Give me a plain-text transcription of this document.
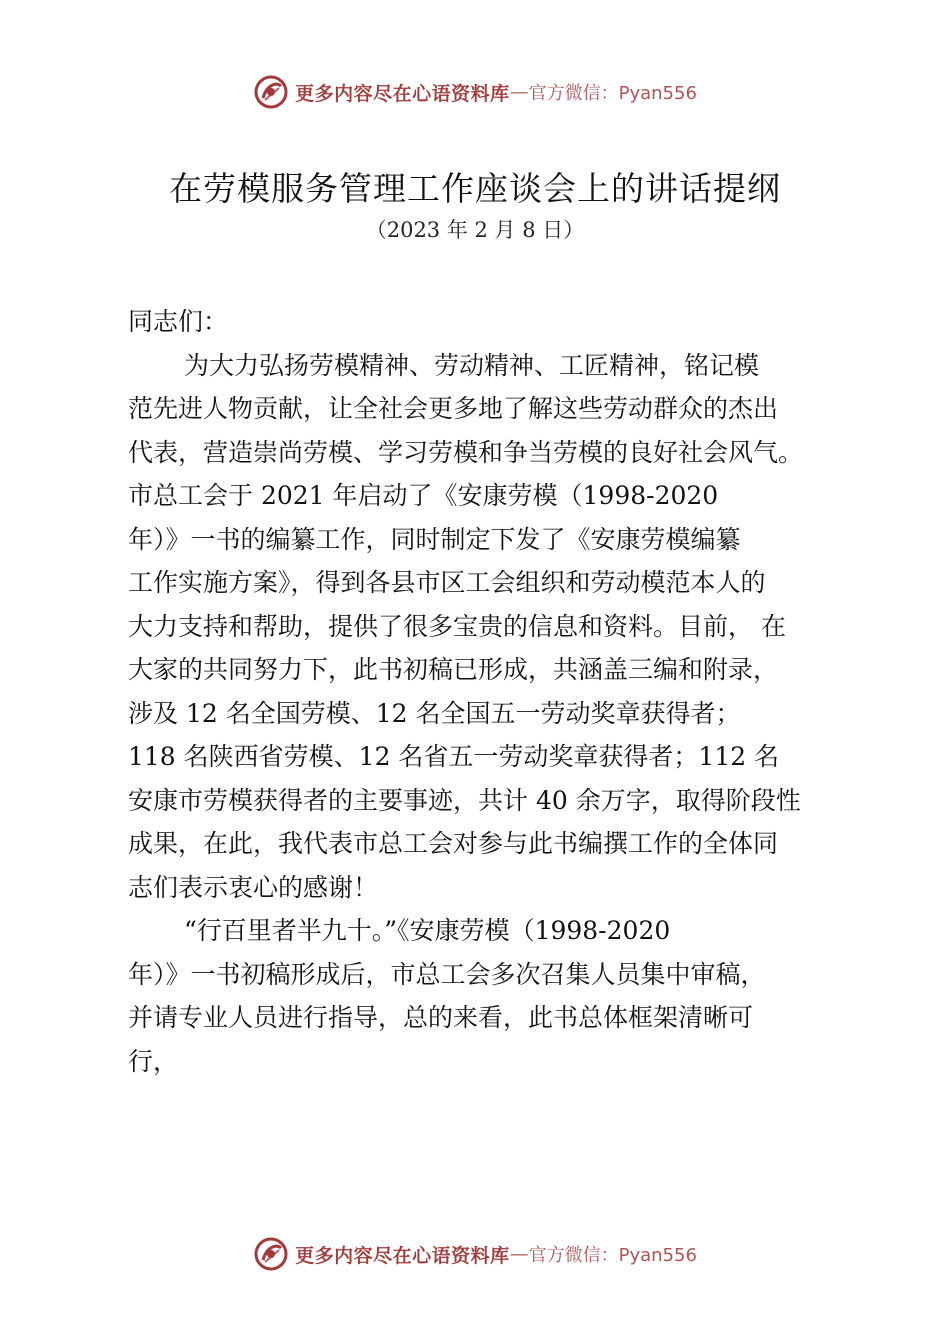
更多内容尽在心语资料库 — 官方微信：Pyan556
在劳模服务管理工作座谈会上的讲话提纲
（2023 年 2 月 8 日）
同志们：
为大力弘扬劳模精神、劳动精神、工匠精神，铭记模
范先进人物贡献，让全社会更多地了解这些劳动群众的杰出
代表，营造崇尚劳模、学习劳模和争当劳模的良好社会风气。
市总工会于 2021 年启动了《安康劳模（1998-2020
年）》一书的编纂工作，同时制定下发了《安康劳模编纂
工作实施方案》，得到各县市区工会组织和劳动模范本人的
大力支持和帮助，提供了很多宝贵的信息和资料。目前， 在
大家的共同努力下，此书初稿已形成，共涵盖三编和附录，
涉及 12 名全国劳模、12 名全国五一劳动奖章获得者；
118 名陕西省劳模、12 名省五一劳动奖章获得者；112 名
安康市劳模获得者的主要事迹，共计 40 余万字，取得阶段性
成果，在此，我代表市总工会对参与此书编撰工作的全体同
志们表示衷心的感谢！
“行百里者半九十。”《安康劳模（1998-2020
年）》一书初稿形成后，市总工会多次召集人员集中审稿，
并请专业人员进行指导，总的来看，此书总体框架清晰可
行，
更多内容尽在心语资料库 — 官方微信：Pyan556
